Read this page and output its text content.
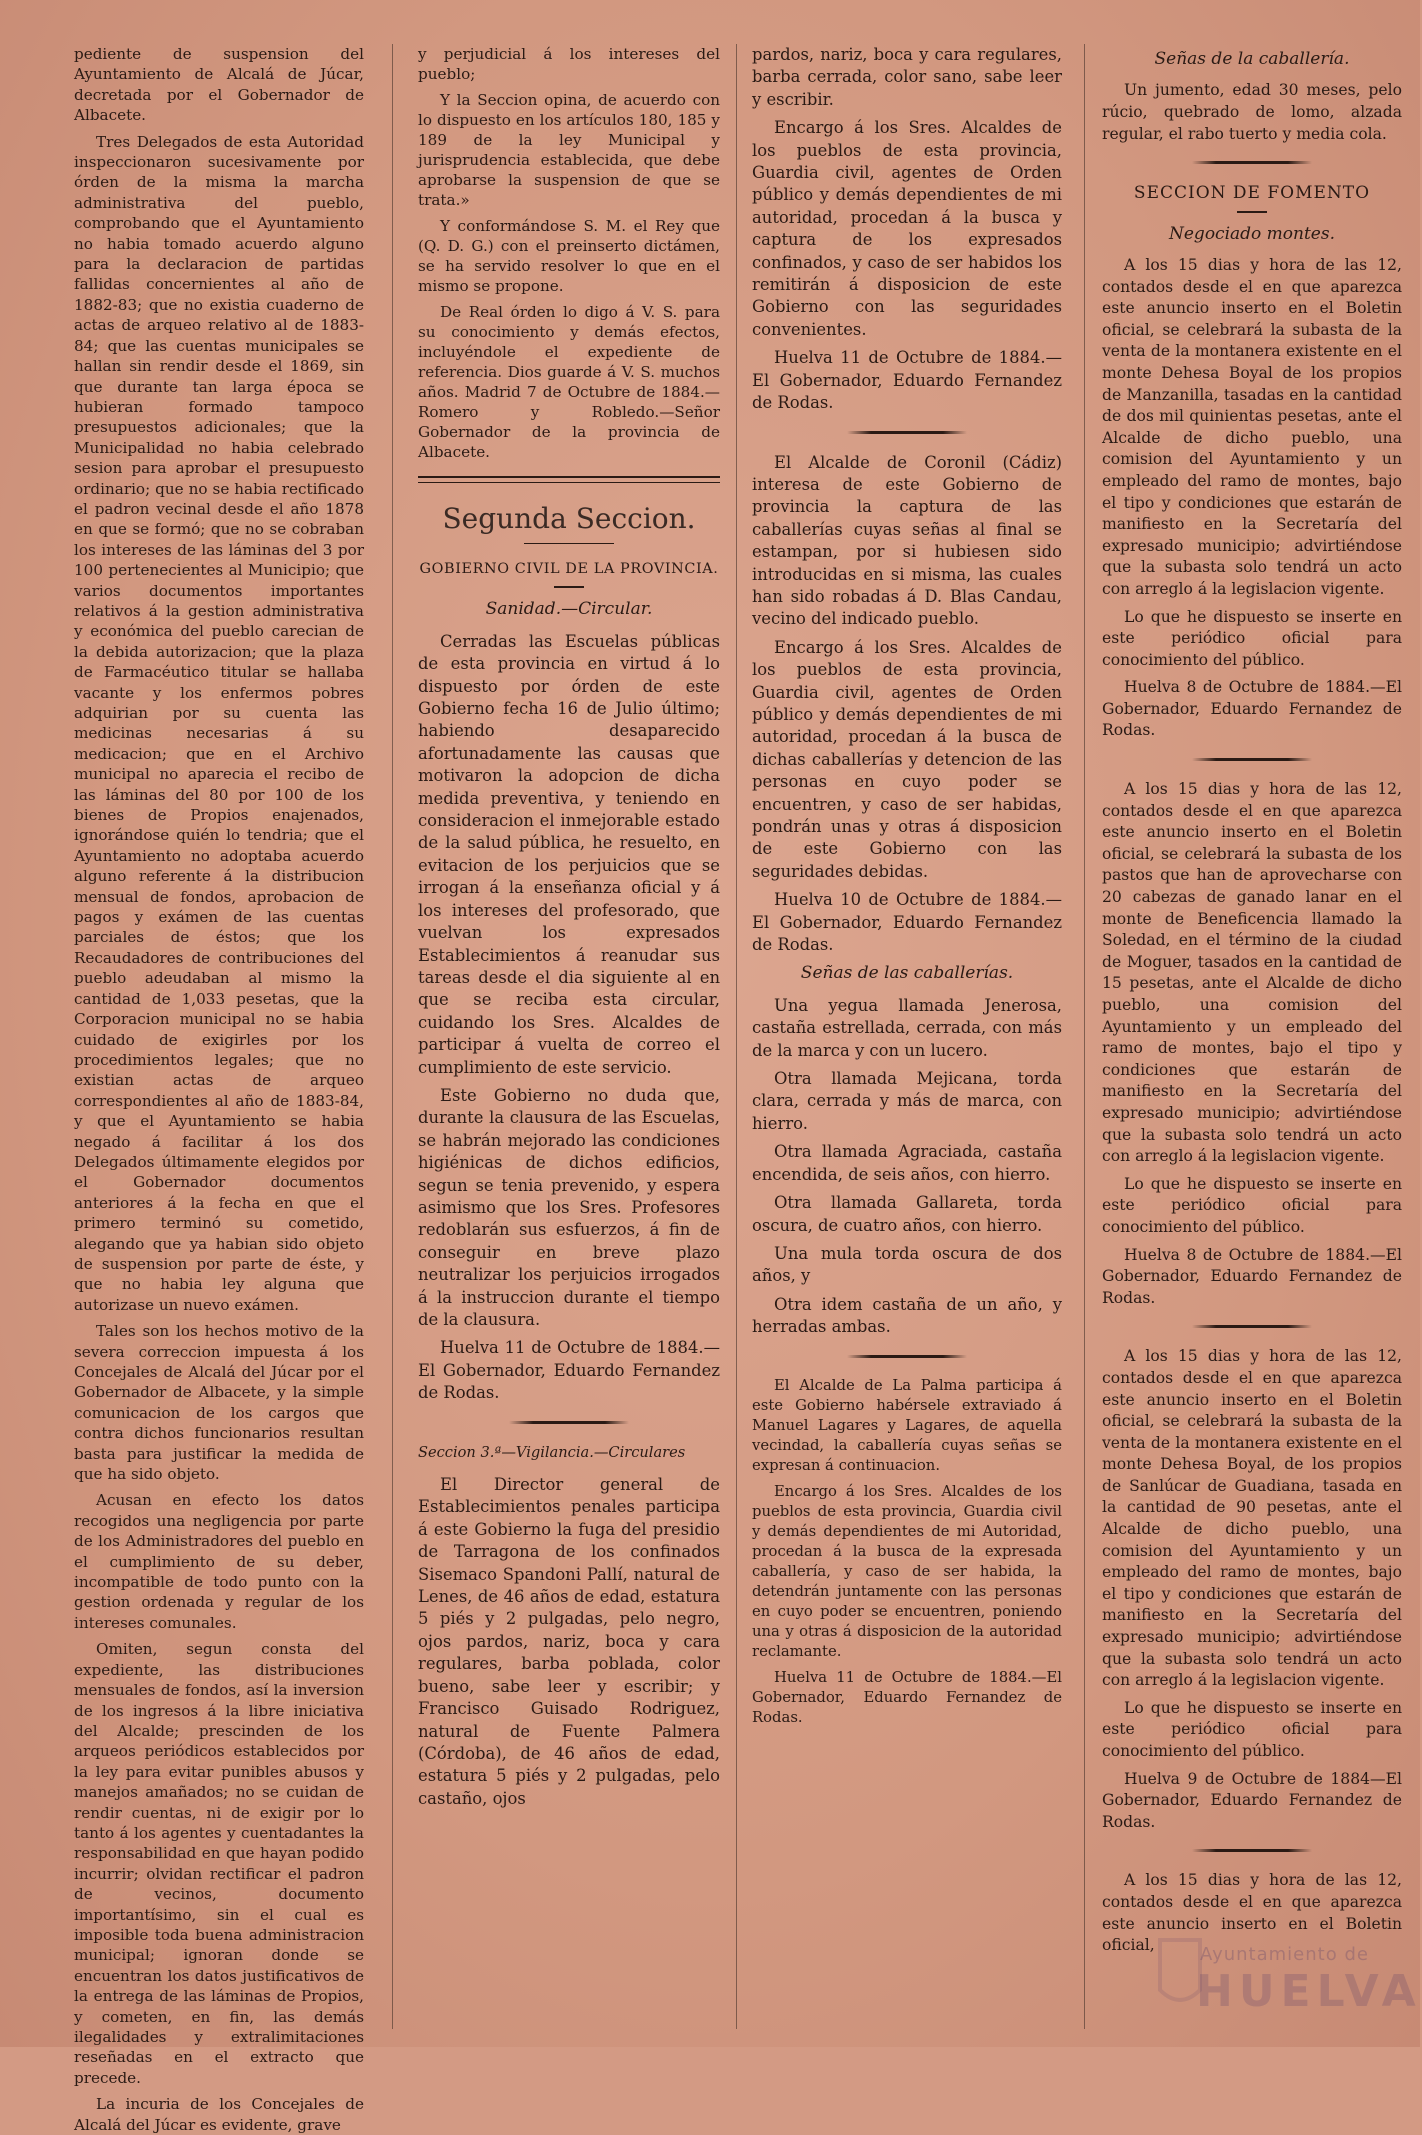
pediente de suspension del Ayuntamiento de Alcalá de Júcar, decretada por el Gobernador de Albacete.

Tres Delegados de esta Autoridad inspeccionaron sucesivamente por órden de la misma la marcha administrativa del pueblo, comprobando que el Ayuntamiento no habia tomado acuerdo alguno para la declaracion de partidas fallidas concernientes al año de 1882-83; que no existia cuaderno de actas de arqueo relativo al de 1883-84; que las cuentas municipales se hallan sin rendir desde el 1869, sin que durante tan larga época se hubieran formado tampoco presupuestos adicionales; que la Municipalidad no habia celebrado sesion para aprobar el presupuesto ordinario; que no se habia rectificado el padron vecinal desde el año 1878 en que se formó; que no se cobraban los intereses de las láminas del 3 por 100 pertenecientes al Municipio; que varios documentos importantes relativos á la gestion administrativa y económica del pueblo carecian de la debida autorizacion; que la plaza de Farmacéutico titular se hallaba vacante y los enfermos pobres adquirian por su cuenta las medicinas necesarias á su medicacion; que en el Archivo municipal no aparecia el recibo de las láminas del 80 por 100 de los bienes de Propios enajenados, ignorándose quién lo tendria; que el Ayuntamiento no adoptaba acuerdo alguno referente á la distribucion mensual de fondos, aprobacion de pagos y exámen de las cuentas parciales de éstos; que los Recaudadores de contribuciones del pueblo adeudaban al mismo la cantidad de 1,033 pesetas, que la Corporacion municipal no se habia cuidado de exigirles por los procedimientos legales; que no existian actas de arqueo correspondientes al año de 1883-84, y que el Ayuntamiento se habia negado á facilitar á los dos Delegados últimamente elegidos por el Gobernador documentos anteriores á la fecha en que el primero terminó su cometido, alegando que ya habian sido objeto de suspension por parte de éste, y que no habia ley alguna que autorizase un nuevo exámen.

Tales son los hechos motivo de la severa correccion impuesta á los Concejales de Alcalá del Júcar por el Gobernador de Albacete, y la simple comunicacion de los cargos que contra dichos funcionarios resultan basta para justificar la medida de que ha sido objeto.

Acusan en efecto los datos recogidos una negligencia por parte de los Administradores del pueblo en el cumplimiento de su deber, incompatible de todo punto con la gestion ordenada y regular de los intereses comunales.

Omiten, segun consta del expediente, las distribuciones mensuales de fondos, así la inversion de los ingresos á la libre iniciativa del Alcalde; prescinden de los arqueos periódicos establecidos por la ley para evitar punibles abusos y manejos amañados; no se cuidan de rendir cuentas, ni de exigir por lo tanto á los agentes y cuentadantes la responsabilidad en que hayan podido incurrir; olvidan rectificar el padron de vecinos, documento importantísimo, sin el cual es imposible toda buena administracion municipal; ignoran donde se encuentran los datos justificativos de la entrega de las láminas de Propios, y cometen, en fin, las demás ilegalidades y extralimitaciones reseñadas en el extracto que precede.

La incuria de los Concejales de Alcalá del Júcar es evidente, grave

y perjudicial á los intereses del pueblo;

Y la Seccion opina, de acuerdo con lo dispuesto en los artículos 180, 185 y 189 de la ley Municipal y jurisprudencia establecida, que debe aprobarse la suspension de que se trata.»

Y conformándose S. M. el Rey que (Q. D. G.) con el preinserto dictámen, se ha servido resolver lo que en el mismo se propone.

De Real órden lo digo á V. S. para su conocimiento y demás efectos, incluyéndole el expediente de referencia. Dios guarde á V. S. muchos años. Madrid 7 de Octubre de 1884.—Romero y Robledo.—Señor Gobernador de la provincia de Albacete.

Segunda Seccion.
GOBIERNO CIVIL DE LA PROVINCIA.
Sanidad.—Circular.

Cerradas las Escuelas públicas de esta provincia en virtud á lo dispuesto por órden de este Gobierno fecha 16 de Julio último; habiendo desaparecido afortunadamente las causas que motivaron la adopcion de dicha medida preventiva, y teniendo en consideracion el inmejorable estado de la salud pública, he resuelto, en evitacion de los perjuicios que se irrogan á la enseñanza oficial y á los intereses del profesorado, que vuelvan los expresados Establecimientos á reanudar sus tareas desde el dia siguiente al en que se reciba esta circular, cuidando los Sres. Alcaldes de participar á vuelta de correo el cumplimiento de este servicio.

Este Gobierno no duda que, durante la clausura de las Escuelas, se habrán mejorado las condiciones higiénicas de dichos edificios, segun se tenia prevenido, y espera asimismo que los Sres. Profesores redoblarán sus esfuerzos, á fin de conseguir en breve plazo neutralizar los perjuicios irrogados á la instruccion durante el tiempo de la clausura.

Huelva 11 de Octubre de 1884.—El Gobernador, Eduardo Fernandez de Rodas.

Seccion 3.ª—Vigilancia.—Circulares

El Director general de Establecimientos penales participa á este Gobierno la fuga del presidio de Tarragona de los confinados Sisemaco Spandoni Pallí, natural de Lenes, de 46 años de edad, estatura 5 piés y 2 pulgadas, pelo negro, ojos pardos, nariz, boca y cara regulares, barba poblada, color bueno, sabe leer y escribir; y Francisco Guisado Rodriguez, natural de Fuente Palmera (Córdoba), de 46 años de edad, estatura 5 piés y 2 pulgadas, pelo castaño, ojos

pardos, nariz, boca y cara regulares, barba cerrada, color sano, sabe leer y escribir.

Encargo á los Sres. Alcaldes de los pueblos de esta provincia, Guardia civil, agentes de Orden público y demás dependientes de mi autoridad, procedan á la busca y captura de los expresados confinados, y caso de ser habidos los remitirán á disposicion de este Gobierno con las seguridades convenientes.

Huelva 11 de Octubre de 1884.—El Gobernador, Eduardo Fernandez de Rodas.

El Alcalde de Coronil (Cádiz) interesa de este Gobierno de provincia la captura de las caballerías cuyas señas al final se estampan, por si hubiesen sido introducidas en si misma, las cuales han sido robadas á D. Blas Candau, vecino del indicado pueblo.

Encargo á los Sres. Alcaldes de los pueblos de esta provincia, Guardia civil, agentes de Orden público y demás dependientes de mi autoridad, procedan á la busca de dichas caballerías y detencion de las personas en cuyo poder se encuentren, y caso de ser habidas, pondrán unas y otras á disposicion de este Gobierno con las seguridades debidas.

Huelva 10 de Octubre de 1884.—El Gobernador, Eduardo Fernandez de Rodas.

Señas de las caballerías.

Una yegua llamada Jenerosa, castaña estrellada, cerrada, con más de la marca y con un lucero.

Otra llamada Mejicana, torda clara, cerrada y más de marca, con hierro.

Otra llamada Agraciada, castaña encendida, de seis años, con hierro.

Otra llamada Gallareta, torda oscura, de cuatro años, con hierro.

Una mula torda oscura de dos años, y

Otra idem castaña de un año, y herradas ambas.

El Alcalde de La Palma participa á este Gobierno habérsele extraviado á Manuel Lagares y Lagares, de aquella vecindad, la caballería cuyas señas se expresan á continuacion.

Encargo á los Sres. Alcaldes de los pueblos de esta provincia, Guardia civil y demás dependientes de mi Autoridad, procedan á la busca de la expresada caballería, y caso de ser habida, la detendrán juntamente con las personas en cuyo poder se encuentren, poniendo una y otras á disposicion de la autoridad reclamante.

Huelva 11 de Octubre de 1884.—El Gobernador, Eduardo Fernandez de Rodas.

Señas de la caballería.

Un jumento, edad 30 meses, pelo rúcio, quebrado de lomo, alzada regular, el rabo tuerto y media cola.

SECCION DE FOMENTO
Negociado montes.

A los 15 dias y hora de las 12, contados desde el en que aparezca este anuncio inserto en el Boletin oficial, se celebrará la subasta de la venta de la montanera existente en el monte Dehesa Boyal de los propios de Manzanilla, tasadas en la cantidad de dos mil quinientas pesetas, ante el Alcalde de dicho pueblo, una comision del Ayuntamiento y un empleado del ramo de montes, bajo el tipo y condiciones que estarán de manifiesto en la Secretaría del expresado municipio; advirtiéndose que la subasta solo tendrá un acto con arreglo á la legislacion vigente.

Lo que he dispuesto se inserte en este periódico oficial para conocimiento del público.

Huelva 8 de Octubre de 1884.—El Gobernador, Eduardo Fernandez de Rodas.

A los 15 dias y hora de las 12, contados desde el en que aparezca este anuncio inserto en el Boletin oficial, se celebrará la subasta de los pastos que han de aprovecharse con 20 cabezas de ganado lanar en el monte de Beneficencia llamado la Soledad, en el término de la ciudad de Moguer, tasados en la cantidad de 15 pesetas, ante el Alcalde de dicho pueblo, una comision del Ayuntamiento y un empleado del ramo de montes, bajo el tipo y condiciones que estarán de manifiesto en la Secretaría del expresado municipio; advirtiéndose que la subasta solo tendrá un acto con arreglo á la legislacion vigente.

Lo que he dispuesto se inserte en este periódico oficial para conocimiento del público.

Huelva 8 de Octubre de 1884.—El Gobernador, Eduardo Fernandez de Rodas.

A los 15 dias y hora de las 12, contados desde el en que aparezca este anuncio inserto en el Boletin oficial, se celebrará la subasta de la venta de la montanera existente en el monte Dehesa Boyal, de los propios de Sanlúcar de Guadiana, tasada en la cantidad de 90 pesetas, ante el Alcalde de dicho pueblo, una comision del Ayuntamiento y un empleado del ramo de montes, bajo el tipo y condiciones que estarán de manifiesto en la Secretaría del expresado municipio; advirtiéndose que la subasta solo tendrá un acto con arreglo á la legislacion vigente.

Lo que he dispuesto se inserte en este periódico oficial para conocimiento del público.

Huelva 9 de Octubre de 1884—El Gobernador, Eduardo Fernandez de Rodas.

A los 15 dias y hora de las 12, contados desde el en que aparezca este anuncio inserto en el Boletin oficial,	Ayuntamiento de
HUELVA
